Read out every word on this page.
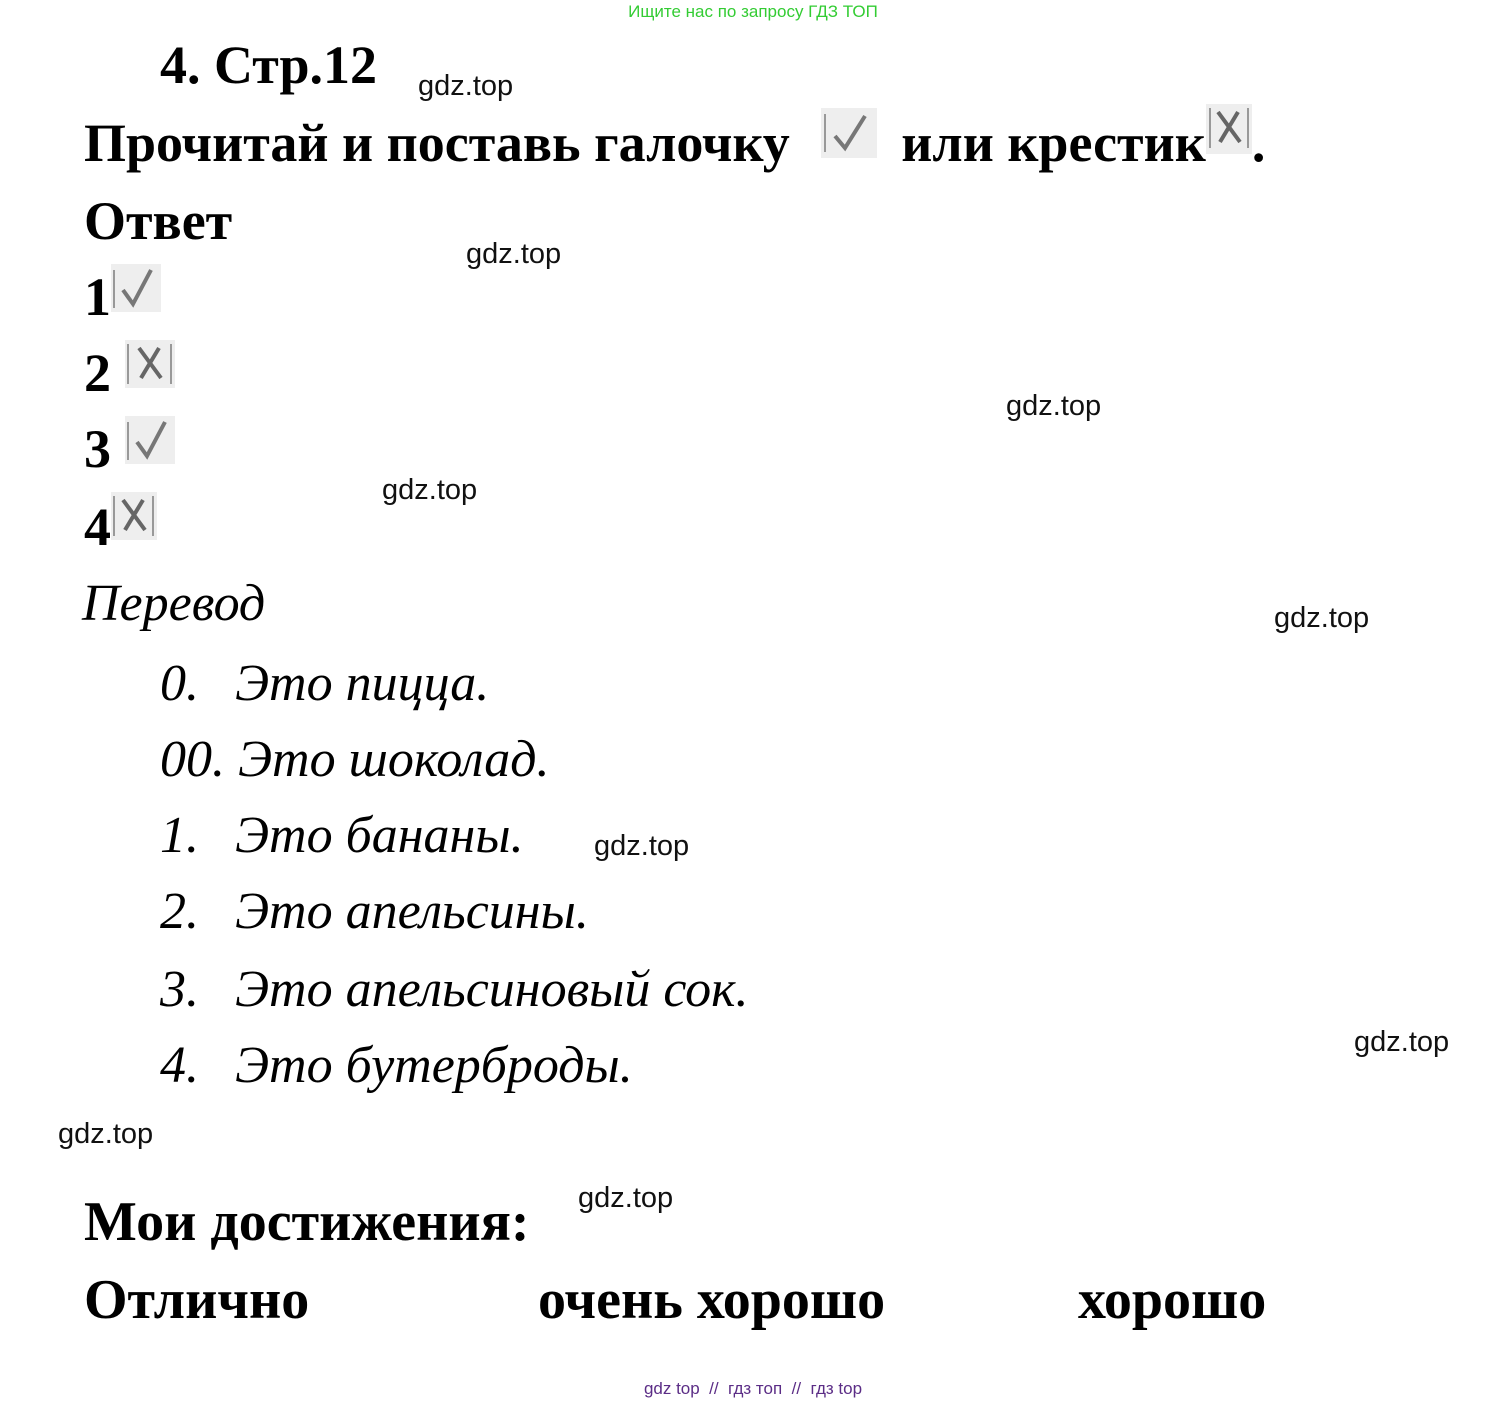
Ищите нас по запросу ГДЗ ТОП
4. Стр.12
Прочитай и поставь галочку или крестик .
Ответ
1
2
3
4
Перевод
0. Это пицца.
00. Это шоколад.
1. Это бананы.
2. Это апельсины.
3. Это апельсиновый сок.
4. Это бутерброды.
Мои достижения:
Отлично	очень хорошо	хорошо
gdz.top
gdz.top
gdz.top
gdz.top
gdz.top
gdz.top
gdz.top
gdz.top
gdz.top
gdz top  //  гдз топ  //  гдз top
